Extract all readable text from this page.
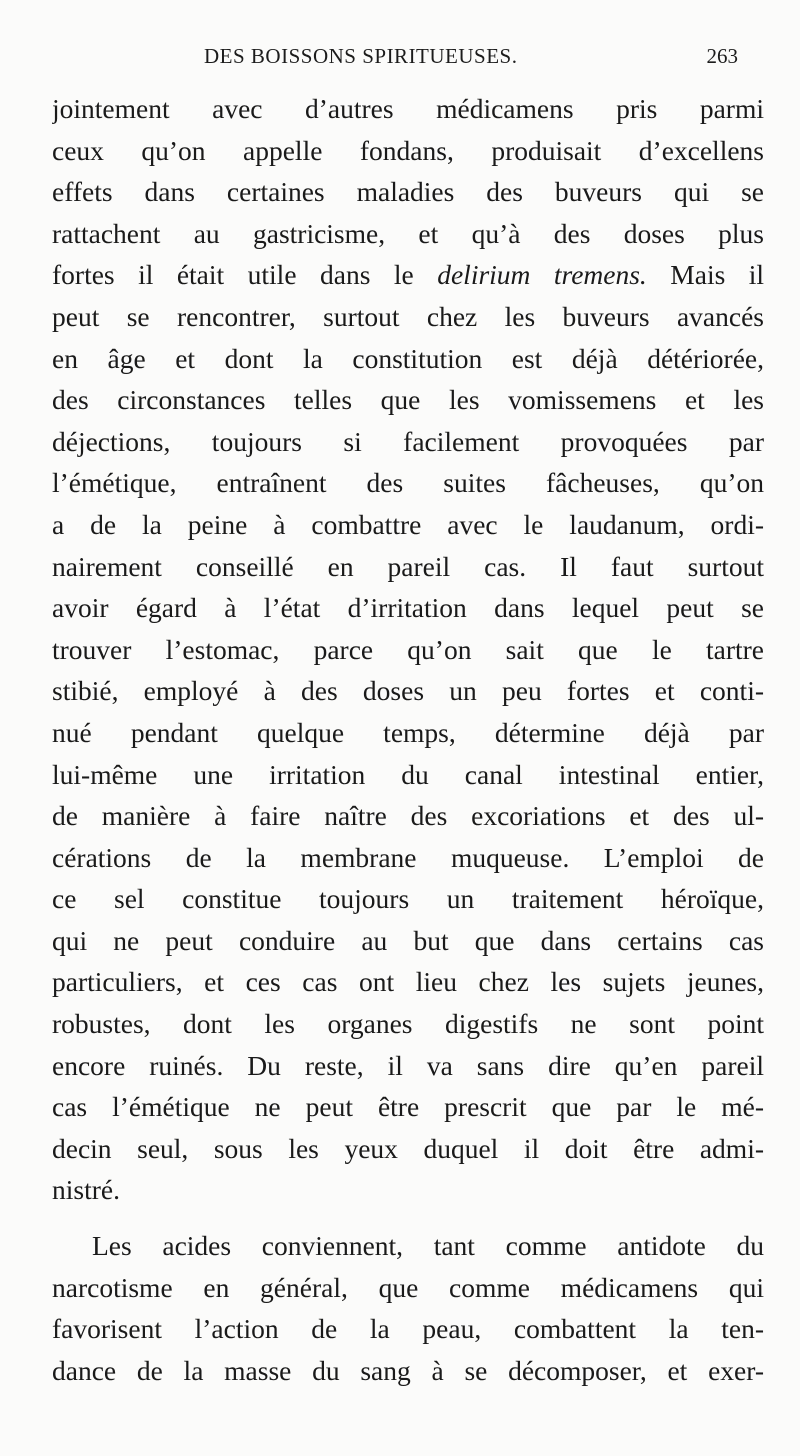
DES BOISSONS SPIRITUEUSES.	263
jointement avec d’autres médicamens pris parmi
ceux qu’on appelle fondans, produisait d’excellens
effets dans certaines maladies des buveurs qui se
rattachent au gastricisme, et qu’à des doses plus
fortes il était utile dans le delirium tremens. Mais il
peut se rencontrer, surtout chez les buveurs avancés
en âge et dont la constitution est déjà détériorée,
des circonstances telles que les vomissemens et les
déjections, toujours si facilement provoquées par
l’émétique, entraînent des suites fâcheuses, qu’on
a de la peine à combattre avec le laudanum, ordi-
nairement conseillé en pareil cas. Il faut surtout
avoir égard à l’état d’irritation dans lequel peut se
trouver l’estomac, parce qu’on sait que le tartre
stibié, employé à des doses un peu fortes et conti-
nué pendant quelque temps, détermine déjà par
lui-même une irritation du canal intestinal entier,
de manière à faire naître des excoriations et des ul-
cérations de la membrane muqueuse. L’emploi de
ce sel constitue toujours un traitement héroïque,
qui ne peut conduire au but que dans certains cas
particuliers, et ces cas ont lieu chez les sujets jeunes,
robustes, dont les organes digestifs ne sont point
encore ruinés. Du reste, il va sans dire qu’en pareil
cas l’émétique ne peut être prescrit que par le mé-
decin seul, sous les yeux duquel il doit être admi-
nistré.
Les acides conviennent, tant comme antidote du
narcotisme en général, que comme médicamens qui
favorisent l’action de la peau, combattent la ten-
dance de la masse du sang à se décomposer, et exer-
